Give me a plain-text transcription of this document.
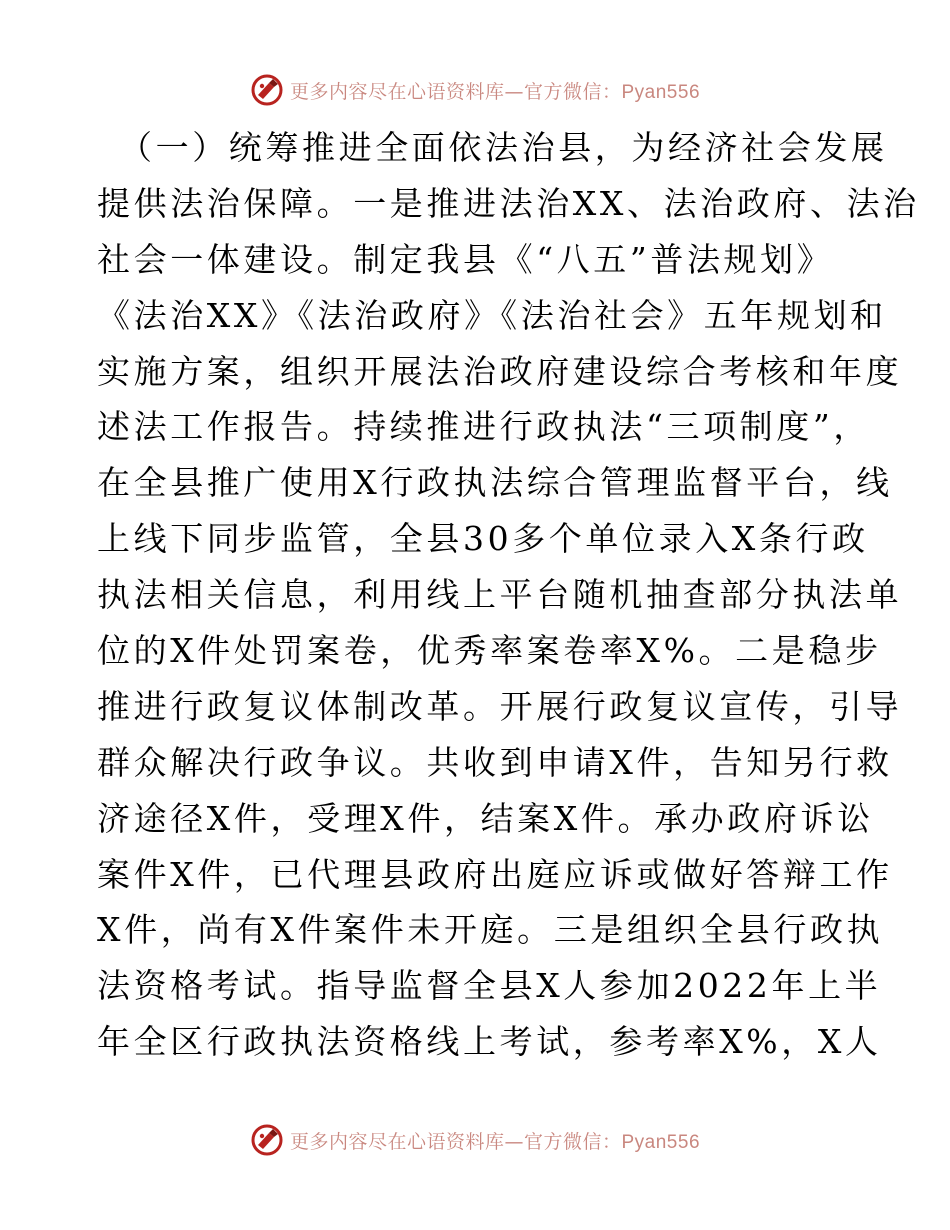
更多内容尽在心语资料库—官方微信：Pyan556
（一）统筹推进全面依法治县，为经济社会发展
提供法治保障。一是推进法治XX、法治政府、法治
社会一体建设。制定我县《“八五”普法规划》
《法治XX》《法治政府》《法治社会》五年规划和
实施方案，组织开展法治政府建设综合考核和年度
述法工作报告。持续推进行政执法“三项制度”，
在全县推广使用X行政执法综合管理监督平台，线
上线下同步监管，全县30多个单位录入X条行政
执法相关信息，利用线上平台随机抽查部分执法单
位的X件处罚案卷，优秀率案卷率X%。二是稳步
推进行政复议体制改革。开展行政复议宣传，引导
群众解决行政争议。共收到申请X件，告知另行救
济途径X件，受理X件，结案X件。承办政府诉讼
案件X件，已代理县政府出庭应诉或做好答辩工作
X件，尚有X件案件未开庭。三是组织全县行政执
法资格考试。指导监督全县X人参加2022年上半
年全区行政执法资格线上考试，参考率X%，X人
更多内容尽在心语资料库—官方微信：Pyan556
